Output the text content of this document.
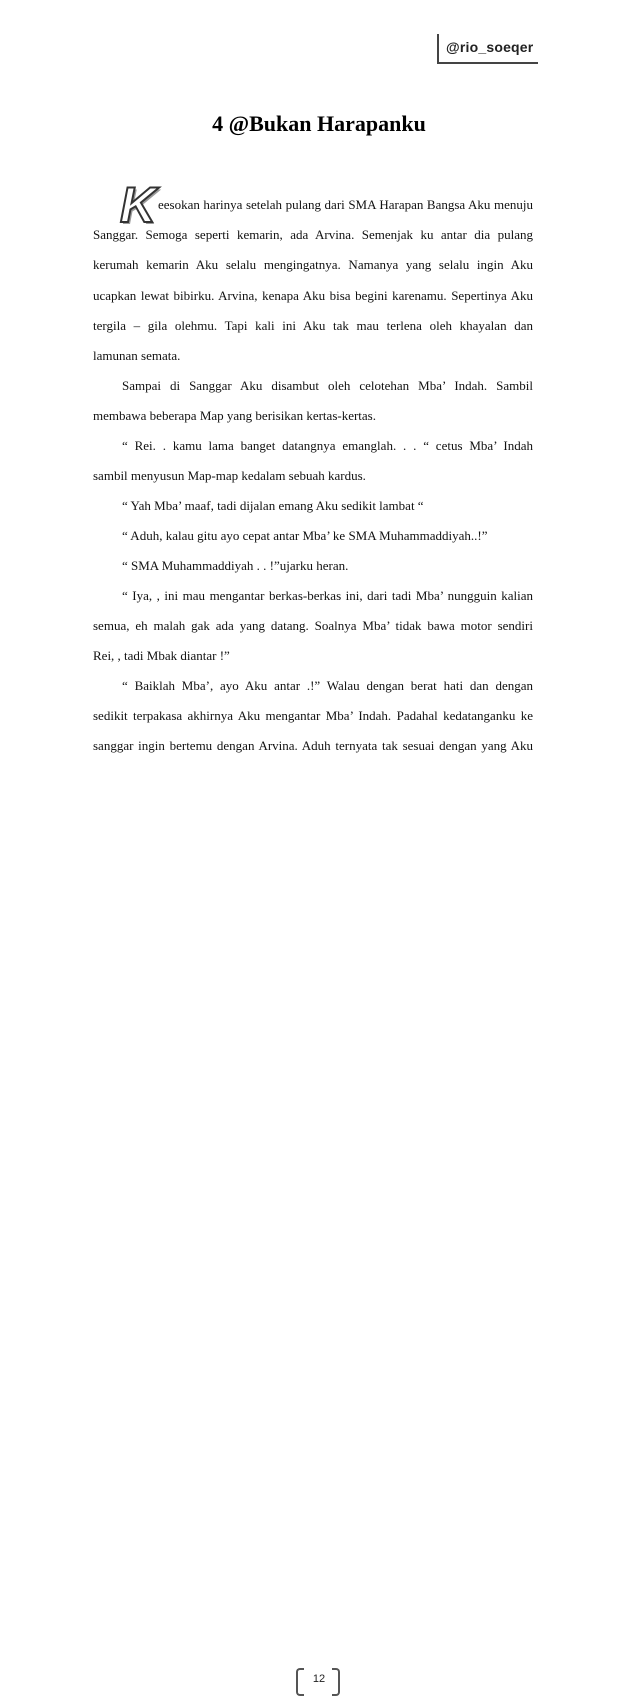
@rio_soeqer
4 @Bukan Harapanku
K eesokan harinya setelah pulang dari SMA Harapan Bangsa Aku menuju
Sanggar. Semoga seperti kemarin, ada Arvina. Semenjak ku antar dia pulang
kerumah kemarin Aku selalu mengingatnya. Namanya yang selalu ingin Aku
ucapkan lewat bibirku. Arvina, kenapa Aku bisa begini karenamu. Sepertinya Aku
tergila – gila olehmu. Tapi kali ini Aku tak mau terlena oleh khayalan dan
lamunan semata.
Sampai di Sanggar Aku disambut oleh celotehan Mba’ Indah. Sambil
membawa beberapa Map yang berisikan kertas-kertas.
“ Rei. . kamu lama banget datangnya emanglah. . . “ cetus Mba’ Indah
sambil menyusun Map-map kedalam sebuah kardus.
“ Yah Mba’ maaf, tadi dijalan emang Aku sedikit lambat “
“ Aduh, kalau gitu ayo cepat antar Mba’ ke SMA Muhammaddiyah..!”
“ SMA Muhammaddiyah . . !”ujarku heran.
“ Iya, , ini mau mengantar berkas-berkas ini, dari tadi Mba’ nungguin kalian
semua, eh malah gak ada yang datang. Soalnya Mba’ tidak bawa motor sendiri
Rei, , tadi Mbak diantar !”
“ Baiklah Mba’, ayo Aku antar .!” Walau dengan berat hati dan dengan
sedikit terpakasa akhirnya Aku mengantar Mba’ Indah. Padahal kedatanganku ke
sanggar ingin bertemu dengan Arvina. Aduh ternyata tak sesuai dengan yang Aku
12
